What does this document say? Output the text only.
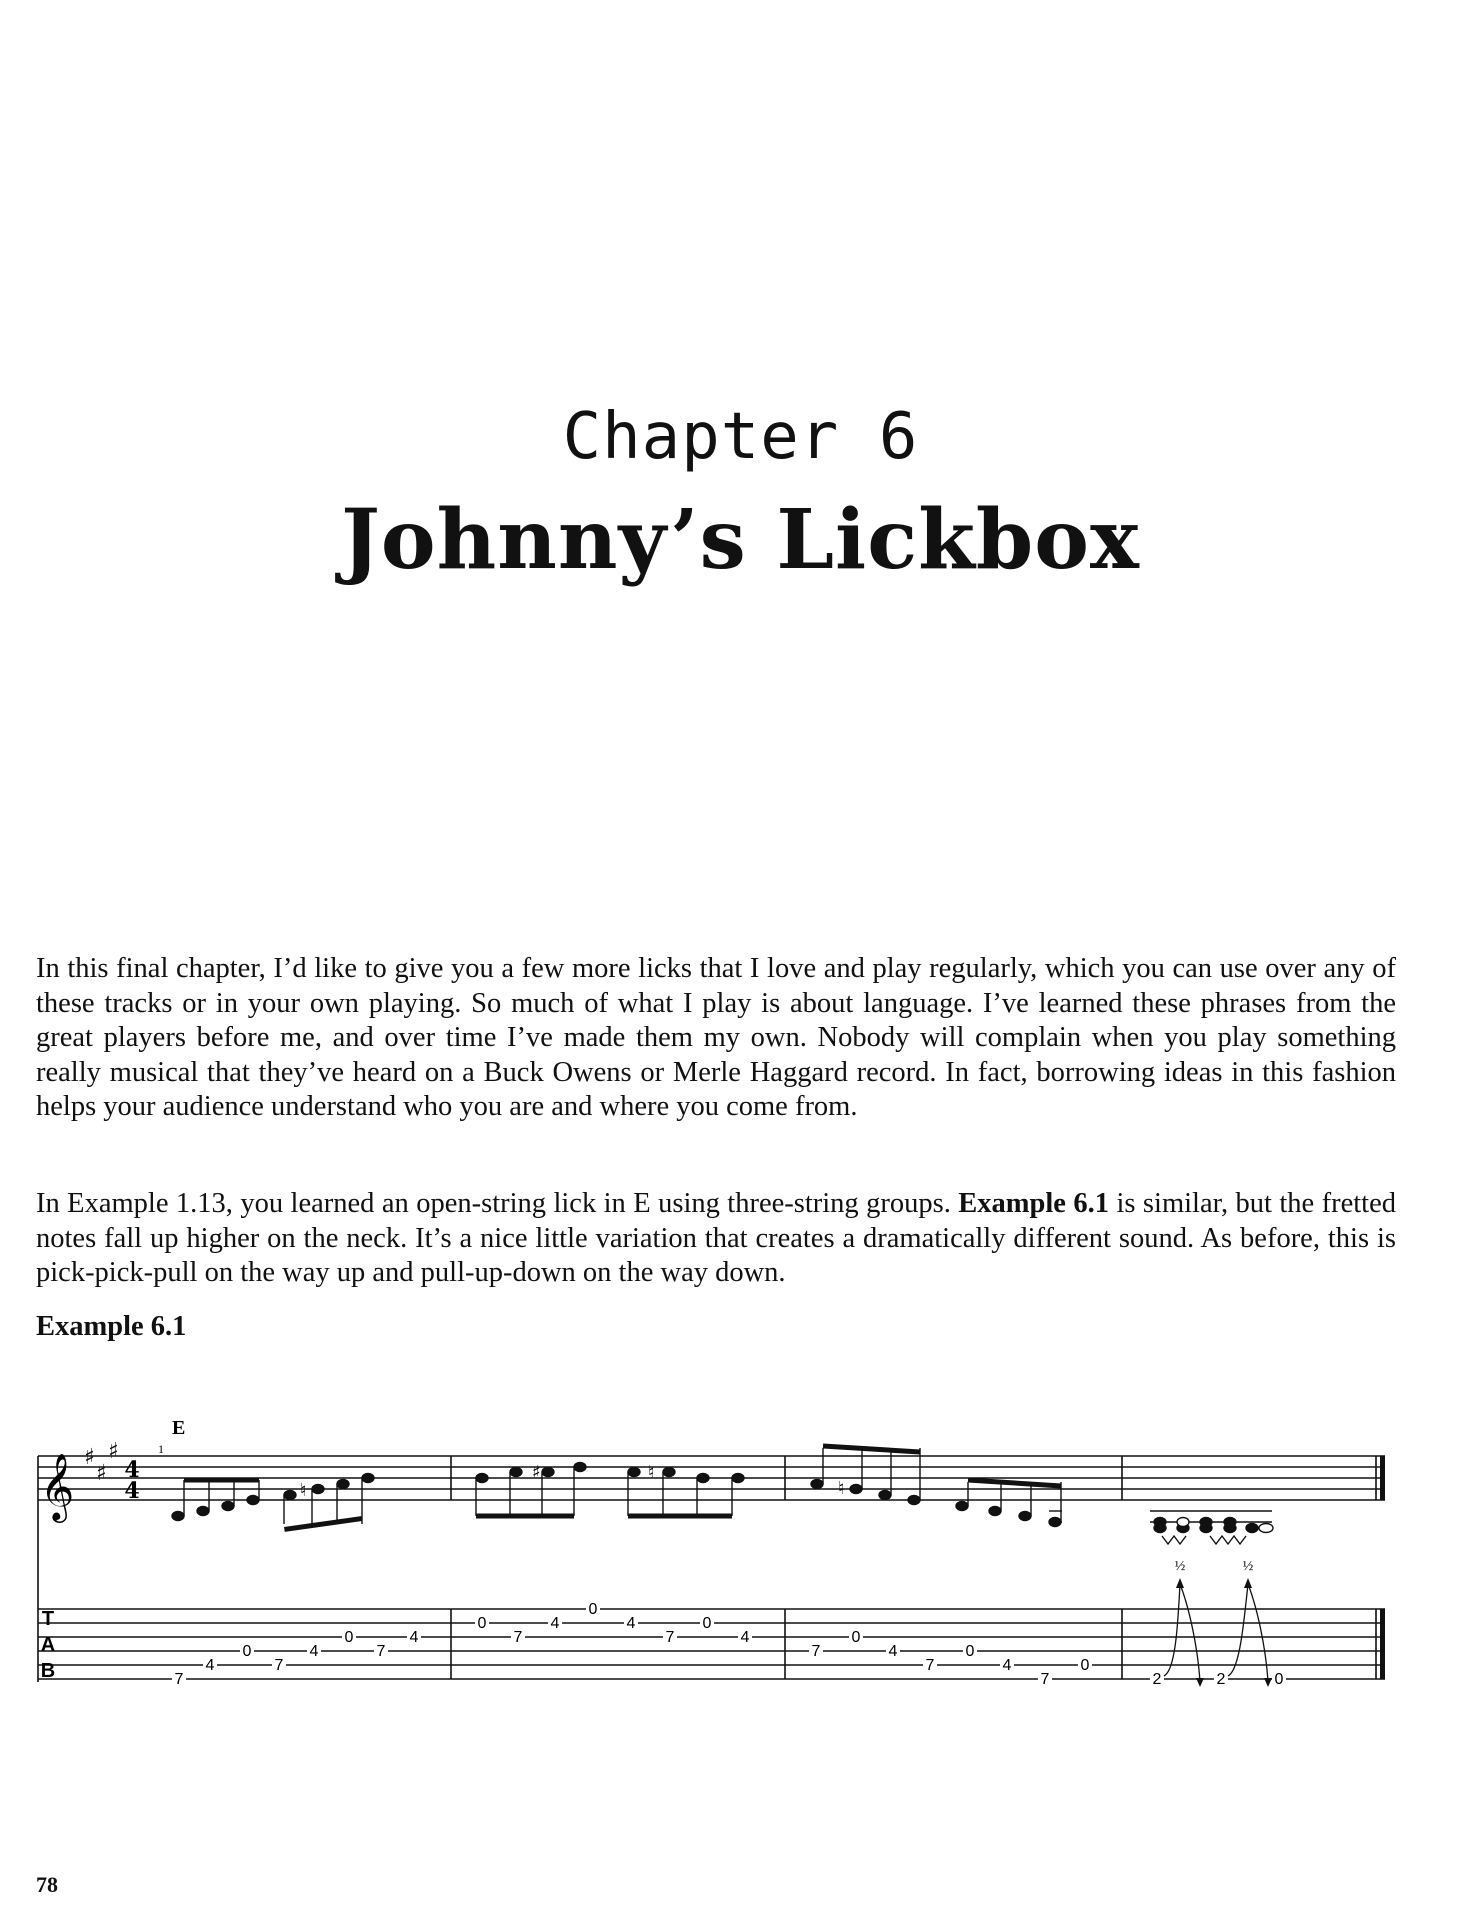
Chapter 6
Johnny’s Lickbox

In this final chapter, I’d like to give you a few more licks that I love and play regularly, which you can use over any of these tracks or in your own playing. So much of what I play is about language. I’ve learned these phrases from the great players before me, and over time I’ve made them my own. Nobody will complain when you play something really musical that they’ve heard on a Buck Owens or Merle Haggard record. In fact, borrowing ideas in this fashion helps your audience understand who you are and where you come from.

In Example 1.13, you learned an open-string lick in E using three-string groups. Example 6.1 is similar, but the fretted notes fall up higher on the neck. It’s a nice little variation that creates a dramatically different sound. As before, this is pick-pick-pull on the way up and pull-up-down on the way down.

Example 6.1
𝄞 ♯
♯
♯
4
4
E
1
♮
♯	♮
♮
½	½
T
A
B	7
4	7
0	4	7
0	4
0
7
4
0
4
7
0
4
7
0
4
7
0
4
7
0
2	2	0
78
